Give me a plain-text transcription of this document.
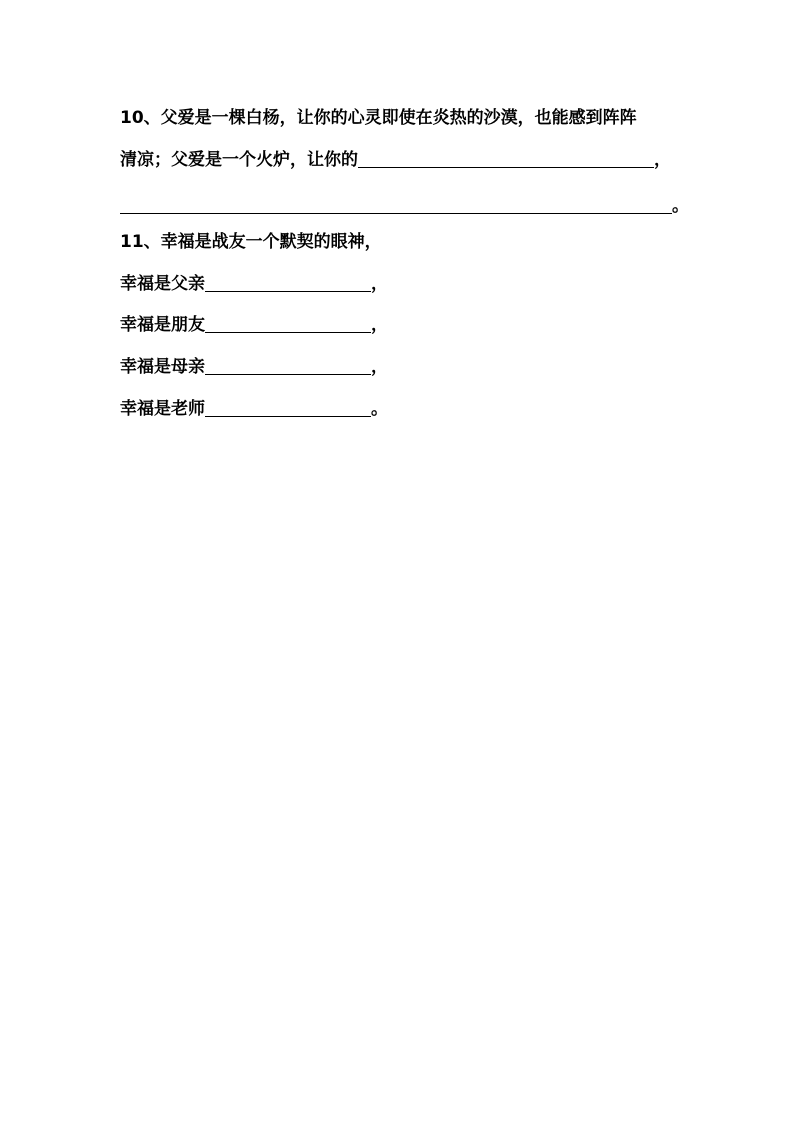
10、父爱是一棵白杨，让你的心灵即使在炎热的沙漠，也能感到阵阵
清凉；父爱是一个火炉，让你的	，
。
11、幸福是战友一个默契的眼神，
幸福是父亲	，
幸福是朋友	，
幸福是母亲	，
幸福是老师	。
